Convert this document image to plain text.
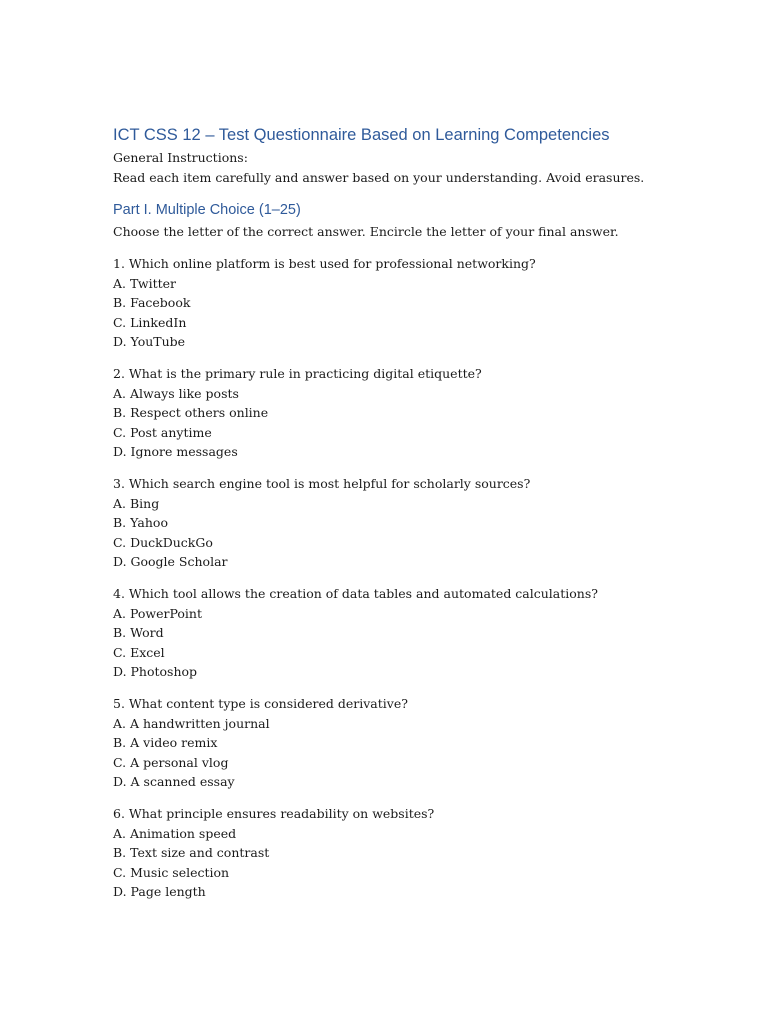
ICT CSS 12 – Test Questionnaire Based on Learning Competencies
General Instructions:
Read each item carefully and answer based on your understanding. Avoid erasures.
Part I. Multiple Choice (1–25)
Choose the letter of the correct answer. Encircle the letter of your final answer.
1. Which online platform is best used for professional networking?
A. Twitter
B. Facebook
C. LinkedIn
D. YouTube
2. What is the primary rule in practicing digital etiquette?
A. Always like posts
B. Respect others online
C. Post anytime
D. Ignore messages
3. Which search engine tool is most helpful for scholarly sources?
A. Bing
B. Yahoo
C. DuckDuckGo
D. Google Scholar
4. Which tool allows the creation of data tables and automated calculations?
A. PowerPoint
B. Word
C. Excel
D. Photoshop
5. What content type is considered derivative?
A. A handwritten journal
B. A video remix
C. A personal vlog
D. A scanned essay
6. What principle ensures readability on websites?
A. Animation speed
B. Text size and contrast
C. Music selection
D. Page length
